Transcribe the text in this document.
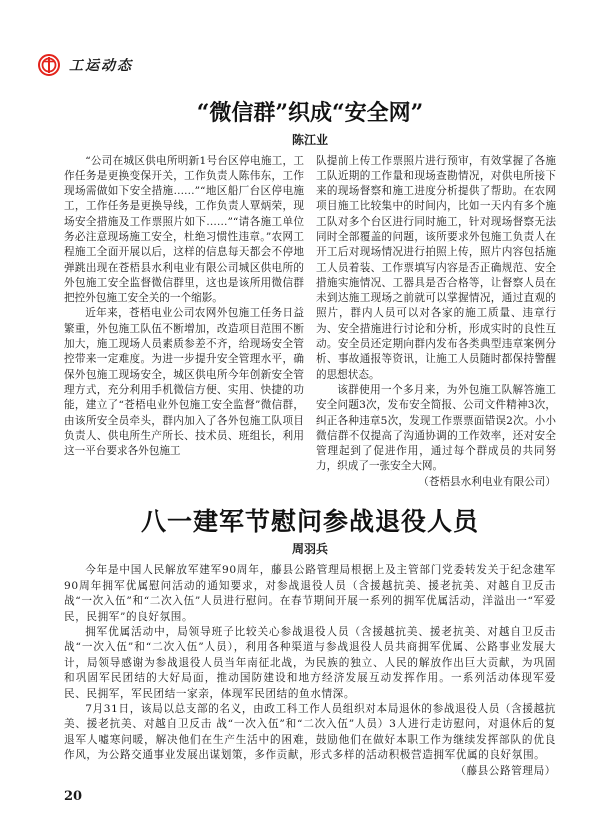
工运动态
“微信群”织成“安全网”
陈江业

“公司在城区供电所明新1号台区停电施工，工作任务是更换变保开关，工作负责人陈伟东，工作现场需做如下安全措施……”“地区船厂台区停电施工，工作任务是更换导线，工作负责人覃炳荣，现场安全措施及工作票照片如下……”“请各施工单位务必注意现场施工安全，杜绝习惯性违章。”农网工程施工全面开展以后，这样的信息每天都会不停地弹跳出现在苍梧县水利电业有限公司城区供电所的外包施工安全监督微信群里，这也是该所用微信群把控外包施工安全关的一个缩影。

近年来，苍梧电业公司农网外包施工任务日益繁重，外包施工队伍不断增加，改造项目范围不断加大，施工现场人员素质参差不齐，给现场安全管控带来一定难度。为进一步提升安全管理水平，确保外包施工现场安全，城区供电所今年创新安全管理方式，充分利用手机微信方便、实用、快捷的功能，建立了“苍梧电业外包施工安全监督”微信群，由该所安全员牵头，群内加入了各外包施工队项目负责人、供电所生产所长、技术员、班组长，利用这一平台要求各外包施工

队提前上传工作票照片进行预审，有效掌握了各施工队近期的工作量和现场查勘情况，对供电所接下来的现场督察和施工进度分析提供了帮助。在农网项目施工比较集中的时间内，比如一天内有多个施工队对多个台区进行同时施工，针对现场督察无法同时全部覆盖的问题，该所要求外包施工负责人在开工后对现场情况进行拍照上传，照片内容包括施工人员着装、工作票填写内容是否正确规范、安全措施实施情况、工器具是否合格等，让督察人员在未到达施工现场之前就可以掌握情况，通过直观的照片，群内人员可以对各家的施工质量、违章行为、安全措施进行讨论和分析，形成实时的良性互动。安全员还定期向群内发布各类典型违章案例分析、事故通报等资讯，让施工人员随时都保持警醒的思想状态。

该群使用一个多月来，为外包施工队解答施工安全问题3次，发布安全简报、公司文件精神3次，纠正各种违章5次，发现工作票票面错误2次。小小微信群不仅提高了沟通协调的工作效率，还对安全管理起到了促进作用，通过每个群成员的共同努力，织成了一张安全大网。
（苍梧县水利电业有限公司）

八一建军节慰问参战退役人员
周羽兵

今年是中国人民解放军建军90周年，藤县公路管理局根据上及主管部门党委转发关于纪念建军90周年拥军优属慰问活动的通知要求，对参战退役人员（含援越抗美、援老抗美、对越自卫反击 战“一次入伍”和“二次入伍”人员进行慰问。在春节期间开展一系列的拥军优属活动，洋溢出一“军爱民，民拥军”的良好氛围。

拥军优属活动中，局领导班子比较关心参战退役人员（含援越抗美、援老抗美、对越自卫反击战“一次入伍”和“二次入伍”人员），利用各种渠道与参战退役人员共商拥军优属、公路事业发展大计，局领导感谢为参战退役人员当年南征北战，为民族的独立、人民的解放作出巨大贡献，为巩固和巩固军民团结的大好局面，推动国防建设和地方经济发展互动发挥作用。一系列活动体现军爱民、民拥军，军民团结一家亲，体现军民团结的鱼水情深。

7月31日，该局以总支部的名义，由政工科工作人员组织对本局退休的参战退役人员（含援越抗美、援老抗美、对越自卫反击 战“一次入伍”和“二次入伍”人员）3人进行走访慰问，对退休后的复退军人嘘寒问暖，解决他们在生产生活中的困难，鼓励他们在做好本职工作为继续发挥部队的优良作风，为公路交通事业发展出谋划策，多作贡献，形式多样的活动积极营造拥军优属的良好氛围。

（藤县公路管理局）

20
